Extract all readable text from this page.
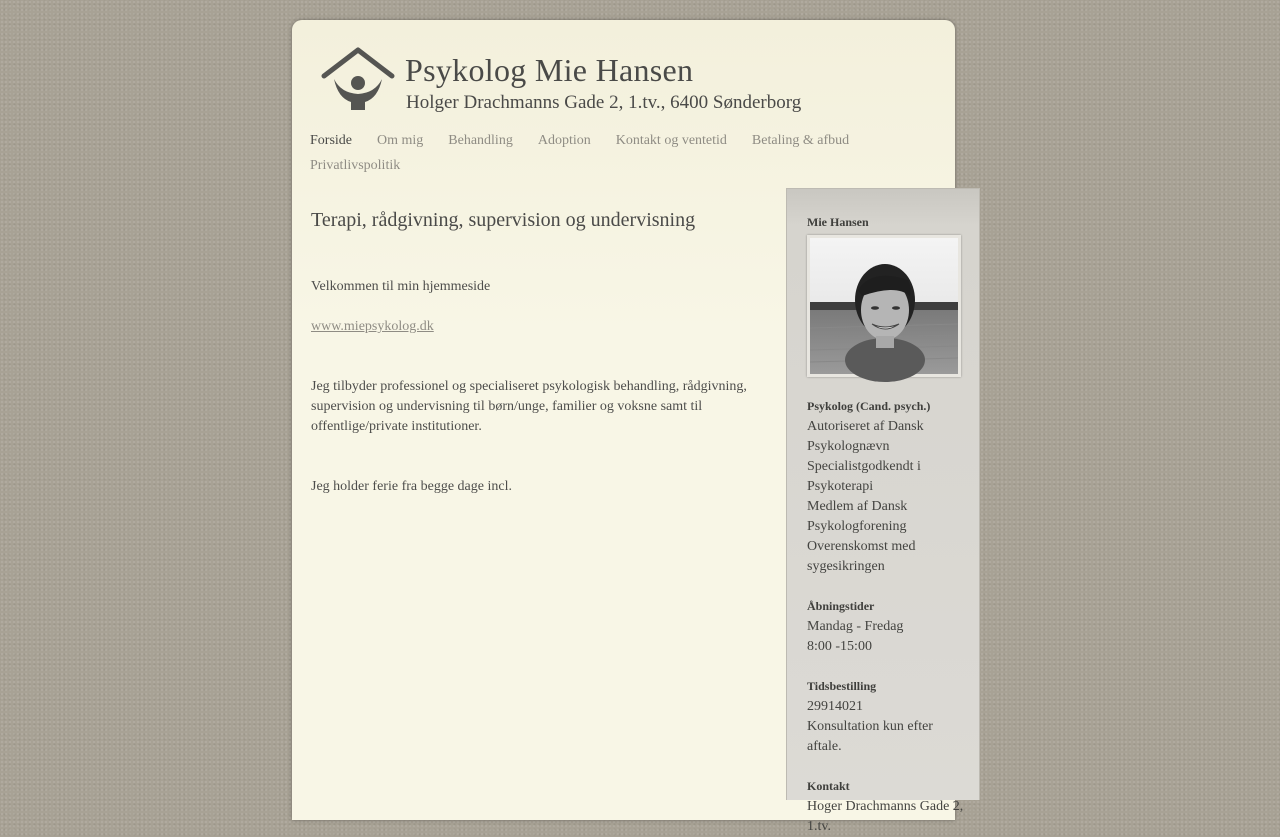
Psykolog Mie Hansen
Holger Drachmanns Gade 2, 1.tv., 6400 Sønderborg
Forside Om mig Behandling Adoption Kontakt og ventetid Betaling & afbudPrivatlivspolitik
Terapi, rådgivning, supervision og undervisning

Velkommen til min hjemmeside

www.miepsykolog.dk

Jeg tilbyder professionel og specialiseret psykologisk behandling, rådgivning, supervision og undervisning til børn/unge, familier og voksne samt til offentlige/private institutioner.

Jeg holder ferie fra begge dage incl.

Mie Hansen

Psykolog (Cand. psych.)

Autoriseret af Dansk Psykolognævn

Specialistgodkendt i Psykoterapi

Medlem af Dansk Psykologforening

Overenskomst med sygesikringen

Åbningstider

Mandag - Fredag

8:00 -15:00

Tidsbestilling

29914021

Konsultation kun efter aftale.

Kontakt

Hoger Drachmanns Gade 2, 1.tv.
